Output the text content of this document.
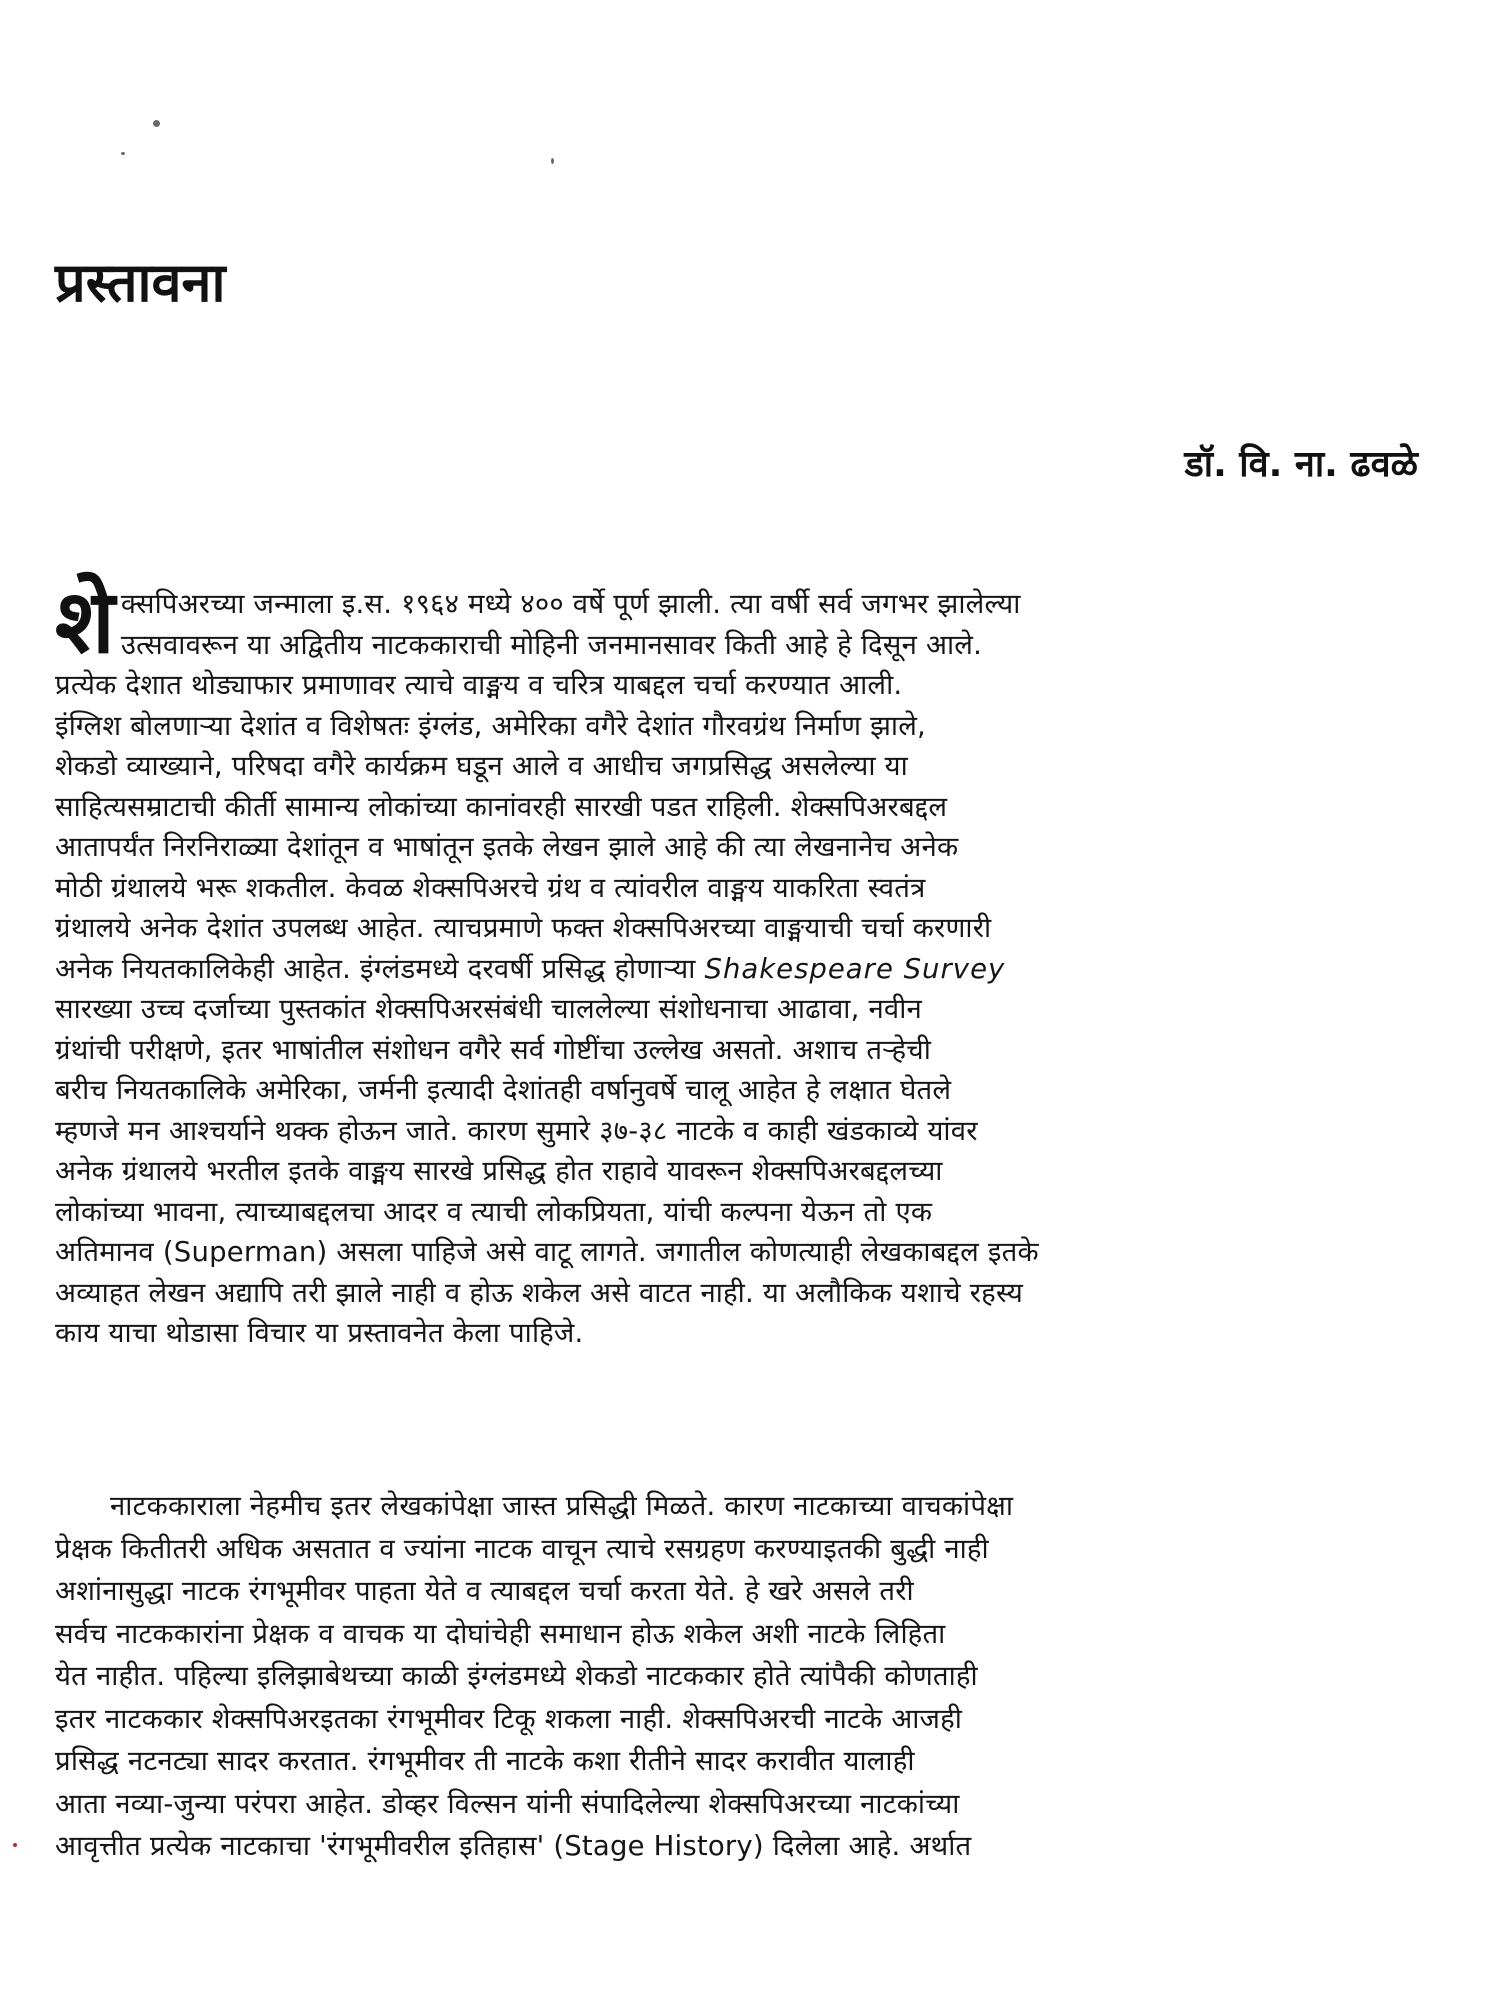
प्रस्तावना
डॉ. वि. ना. ढवळे
शे क्सपिअरच्या जन्माला इ.स. १९६४ मध्ये ४०० वर्षे पूर्ण झाली. त्या वर्षी सर्व जगभर झालेल्या
उत्सवावरून या अद्वितीय नाटककाराची मोहिनी जनमानसावर किती आहे हे दिसून आले.
प्रत्येक देशात थोड्याफार प्रमाणावर त्याचे वाङ्मय व चरित्र याबद्दल चर्चा करण्यात आली.
इंग्लिश बोलणाऱ्या देशांत व विशेषतः इंग्लंड, अमेरिका वगैरे देशांत गौरवग्रंथ निर्माण झाले,
शेकडो व्याख्याने, परिषदा वगैरे कार्यक्रम घडून आले व आधीच जगप्रसिद्ध असलेल्या या
साहित्यसम्राटाची कीर्ती सामान्य लोकांच्या कानांवरही सारखी पडत राहिली. शेक्सपिअरबद्दल
आतापर्यंत निरनिराळ्या देशांतून व भाषांतून इतके लेखन झाले आहे की त्या लेखनानेच अनेक
मोठी ग्रंथालये भरू शकतील. केवळ शेक्सपिअरचे ग्रंथ व त्यांवरील वाङ्मय याकरिता स्वतंत्र
ग्रंथालये अनेक देशांत उपलब्ध आहेत. त्याचप्रमाणे फक्त शेक्सपिअरच्या वाङ्मयाची चर्चा करणारी
अनेक नियतकालिकेही आहेत. इंग्लंडमध्ये दरवर्षी प्रसिद्ध होणाऱ्या Shakespeare Survey
सारख्या उच्च दर्जाच्या पुस्तकांत शेक्सपिअरसंबंधी चाललेल्या संशोधनाचा आढावा, नवीन
ग्रंथांची परीक्षणे, इतर भाषांतील संशोधन वगैरे सर्व गोष्टींचा उल्लेख असतो. अशाच तऱ्हेची
बरीच नियतकालिके अमेरिका, जर्मनी इत्यादी देशांतही वर्षानुवर्षे चालू आहेत हे लक्षात घेतले
म्हणजे मन आश्चर्याने थक्क होऊन जाते. कारण सुमारे ३७-३८ नाटके व काही खंडकाव्ये यांवर
अनेक ग्रंथालये भरतील इतके वाङ्मय सारखे प्रसिद्ध होत राहावे यावरून शेक्सपिअरबद्दलच्या
लोकांच्या भावना, त्याच्याबद्दलचा आदर व त्याची लोकप्रियता, यांची कल्पना येऊन तो एक
अतिमानव (Superman) असला पाहिजे असे वाटू लागते. जगातील कोणत्याही लेखकाबद्दल इतके
अव्याहत लेखन अद्यापि तरी झाले नाही व होऊ शकेल असे वाटत नाही. या अलौकिक यशाचे रहस्य
काय याचा थोडासा विचार या प्रस्तावनेत केला पाहिजे.
नाटककाराला नेहमीच इतर लेखकांपेक्षा जास्त प्रसिद्धी मिळते. कारण नाटकाच्या वाचकांपेक्षा
प्रेक्षक कितीतरी अधिक असतात व ज्यांना नाटक वाचून त्याचे रसग्रहण करण्याइतकी बुद्धी नाही
अशांनासुद्धा नाटक रंगभूमीवर पाहता येते व त्याबद्दल चर्चा करता येते. हे खरे असले तरी
सर्वच नाटककारांना प्रेक्षक व वाचक या दोघांचेही समाधान होऊ शकेल अशी नाटके लिहिता
येत नाहीत. पहिल्या इलिझाबेथच्या काळी इंग्लंडमध्ये शेकडो नाटककार होते त्यांपैकी कोणताही
इतर नाटककार शेक्सपिअरइतका रंगभूमीवर टिकू शकला नाही. शेक्सपिअरची नाटके आजही
प्रसिद्ध नटनट्या सादर करतात. रंगभूमीवर ती नाटके कशा रीतीने सादर करावीत यालाही
आता नव्या-जुन्या परंपरा आहेत. डोव्हर विल्सन यांनी संपादिलेल्या शेक्सपिअरच्या नाटकांच्या
आवृत्तीत प्रत्येक नाटकाचा 'रंगभूमीवरील इतिहास' (Stage History) दिलेला आहे. अर्थात
